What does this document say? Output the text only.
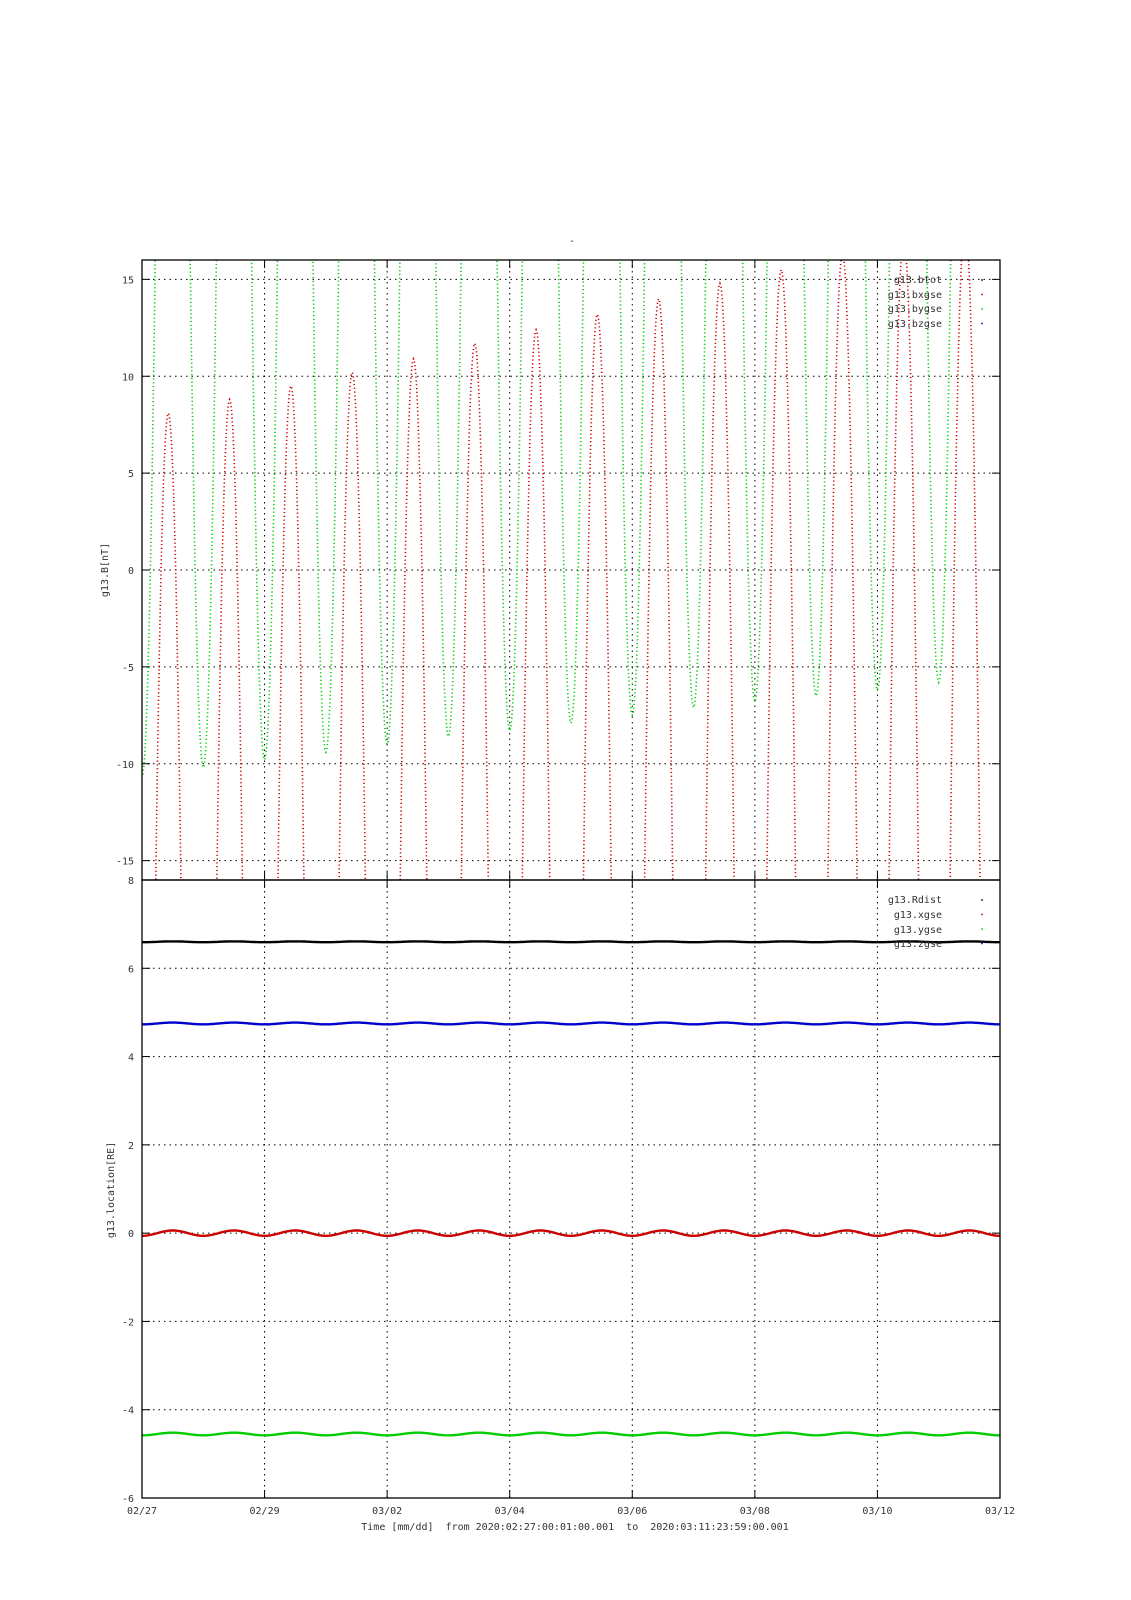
-
-15
-10
-5
0
5
10
15
g13.B[nT]
g13.btot
g13.bxgse
g13.bygse
g13.bzgse
-6
-4
-2
0
2
4
6
8
g13.location[RE]
g13.Rdist
g13.xgse
g13.ygse
g13.zgse
02/27	02/29	03/02	03/04	03/06	03/08	03/10	03/12
Time [mm/dd]  from 2020:02:27:00:01:00.001  to  2020:03:11:23:59:00.001
